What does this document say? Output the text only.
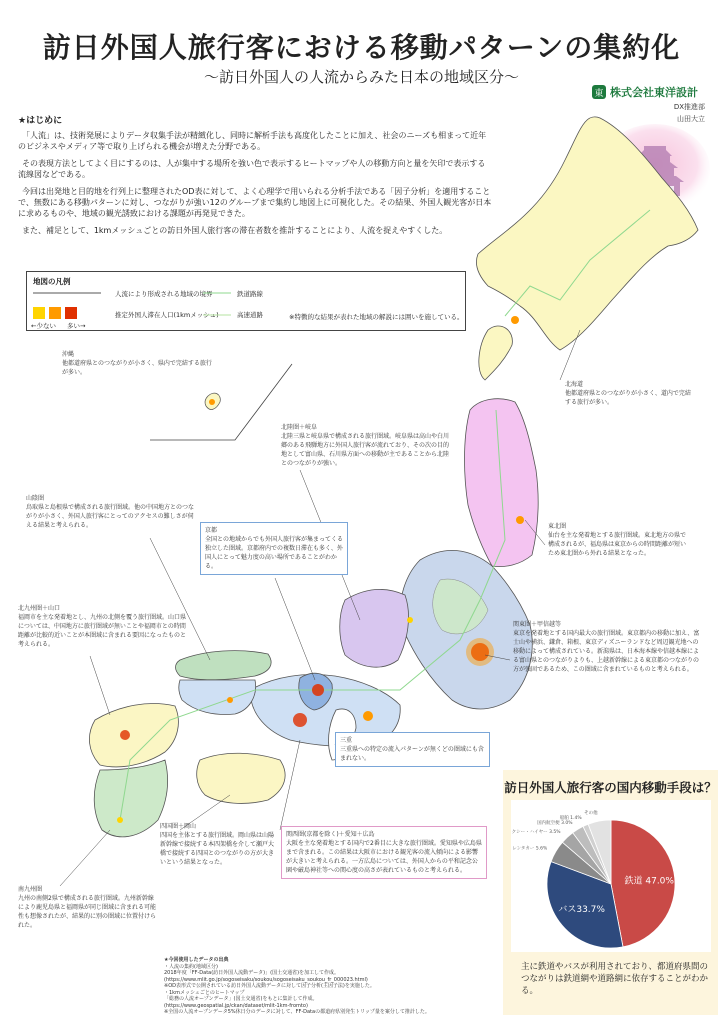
訪日外国人旅行客における移動パターンの集約化
～訪日外国人の人流からみた日本の地域区分～
東 株式会社東洋設計
DX推進部
山田大立
★はじめに

「人流」は、技術発展によりデータ収集手法が精緻化し、同時に解析手法も高度化したことに加え、社会のニーズも相まって近年のビジネスやメディア等で取り上げられる機会が増えた分野である。

その表現方法としてよく目にするのは、人が集中する場所を強い色で表示するヒートマップや人の移動方向と量を矢印で表示する流線図などである。

今回は出発地と目的地を行列上に整理されたOD表に対して、よく心理学で用いられる分析手法である「因子分析」を適用することで、無数にある移動パターンに対し、つながりが強い12のグループまで集約し地図上に可視化した。その結果、外国人観光客が日本に求めるものや、地域の観光誘致における課題が再発見できた。

また、補足として、1kmメッシュごとの訪日外国人旅行客の滞在者数を推計することにより、人流を捉えやすくした。

地図の凡例
人流により形成される地域の境界	鉄道路線
推定外国人滞在人口(1kmメッシュ)
←少ない 多い→
高速道路	※特徴的な結果が表れた地域の解説には囲いを施している。
沖縄
他都道府県とのつながりが小さく、県内で完結する旅行が多い。
北海道
他都道府県とのつながりが小さく、道内で完結する旅行が多い。
北陸圏＋岐阜
北陸三県と岐阜県で構成される旅行圏域。岐阜県は高山や白川郷のある飛騨地方に外国人旅行客が流れており、その次の目的地として富山県、石川県方面への移動が主であることから北陸とのつながりが強い。
山陰圏
鳥取県と島根県で構成される旅行圏域。他の中国地方とのつながりが小さく、外国人旅行客にとってのアクセスの難しさが伺える結果と考えられる。
京都
全国との地域からでも外国人旅行客が集まってくる独立した圏域。京都府内での複数日滞在も多く、外国人にとって魅力度の高い場所であることがわかる。
東北圏
仙台を主な発着地とする旅行圏域。東北地方の県で構成されるが、福島県は東京からの時間距離が短いため東北圏から外れる結果となった。
北九州圏＋山口
福岡市を主な発着地とし、九州の北側を覆う旅行圏域。山口県については、中国地方に旅行圏域が無いことや福岡市との時間距離が比較的近いことが本圏域に含まれる要因になったものと考えられる。
関東圏＋甲信越等
東京を発着地とする国内最大の旅行圏域。東京都内の移動に加え、富士山や横浜、鎌倉、箱根、東京ディズニーランドなど周辺観光地への移動によって構成されている。新潟県は、日本海本線や信越本線による富山県とのつながりよりも、上越新幹線による東京都のつながりの方が強固であるため、この圏域に含まれているものと考えられる。
三重
三重県への特定の流入パターンが無くどの圏域にも含まれない。
四国圏＋岡山
四国を主体とする旅行圏域。岡山県は山陽新幹線で接続する本四架橋を介して瀬戸大橋で接続する四国とのつながりの方が大きいという結果となった。
関西圏(京都を除く)＋愛知＋広島
大阪を主な発着地とする国内で2番目に大きな旅行圏域。愛知県や広島県まで含まれる。この結果は大阪市における観光客の流入傾向による影響が大きいと考えられる。一方広島については、外国人からの平和記念公園や厳島神社等への関心度の高さが表れているものと考えられる。
南九州圏
九州の南側2県で構成される旅行圏域。九州新幹線により鹿児島県と福岡県が同じ圏域に含まれる可能性も想像されたが、結果的に別の圏域に位置付けられた。
訪日外国人旅行客の国内移動手段は？
鉄道 47.0%
バス33.7%
レンタカー 5.6%
タクシー・ハイヤー 3.5%
国内航空便 3.0%
船舶 1.4%
その他
主に鉄道やバスが利用されており、都道府県間のつながりは鉄道網や道路網に依存することがわかる。
★今回使用したデータの出典
・人流の集約(地域区分)
2018年度「FF-Data(訪日外国人流動データ)」(国土交通省)を加工して作成。
(https://www.mlit.go.jp/sogoseisaku/soukou/sogoseisaku_soukou_fr_000023.html)
※OD表形式で公開されている訪日外国人流動データに対して因子分析(主因子法)を実施した。
・1kmメッシュごとのヒートマップ
「総務の人流オープンデータ」(国土交通省)をもとに集計して作成。
(https://www.geospatial.jp/ckan/dataset/mlit-1km-fromto)
※全国の人流オープンデータ5%休日分のデータに対して、FF-Dataの都道府県別発生トリップ量を案分して推計した。
